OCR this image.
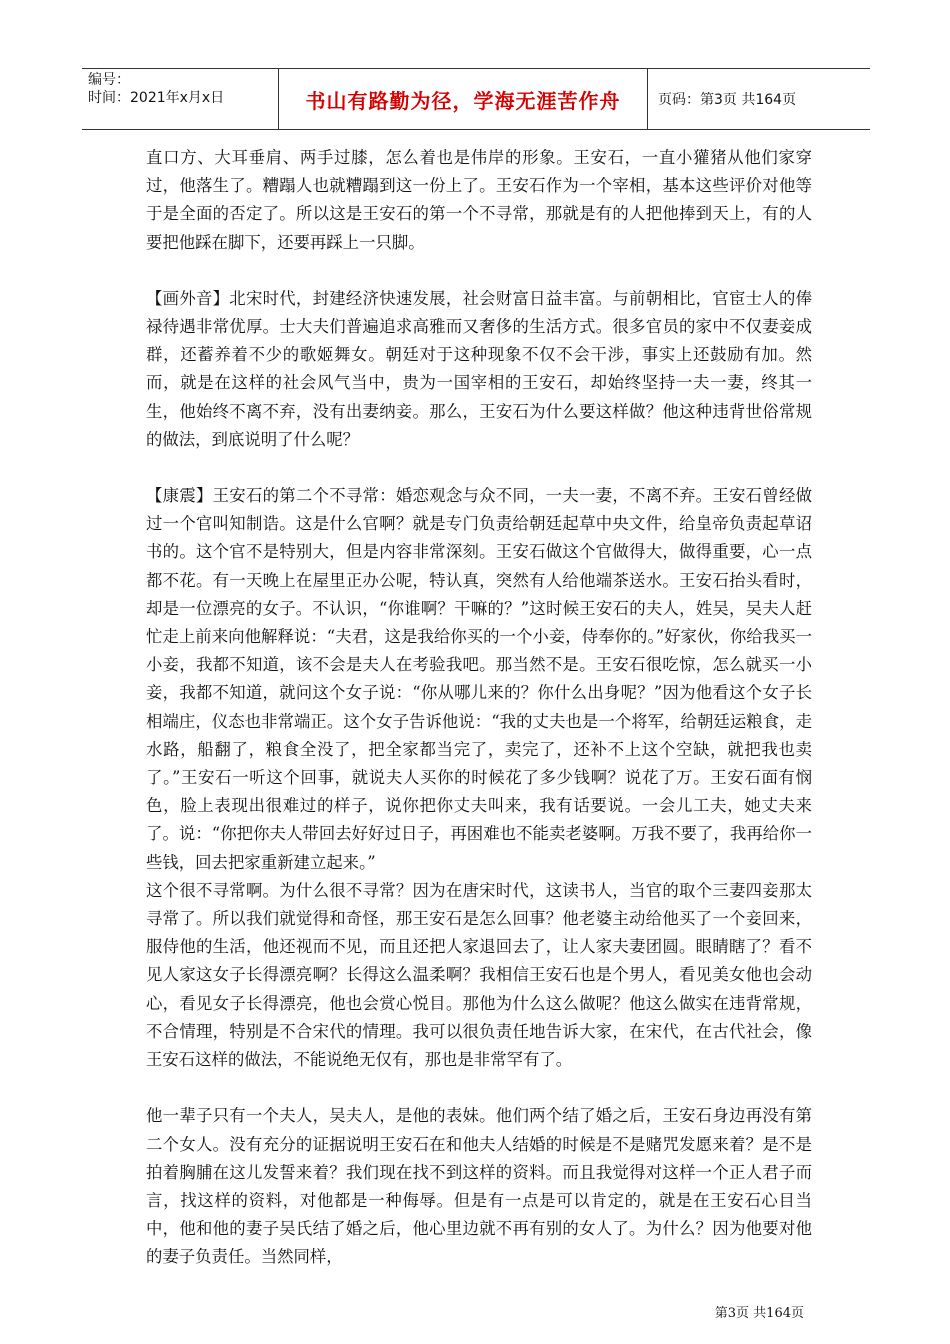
编号：
时间：2021年x月x日	书山有路勤为径，学海无涯苦作舟	页码：第3页 共164页

直口方、大耳垂肩、两手过膝，怎么着也是伟岸的形象。王安石，一直小獾猪从他们家穿过，他落生了。糟蹋人也就糟蹋到这一份上了。王安石作为一个宰相，基本这些评价对他等于是全面的否定了。所以这是王安石的第一个不寻常，那就是有的人把他捧到天上，有的人要把他踩在脚下，还要再踩上一只脚。

【画外音】北宋时代，封建经济快速发展，社会财富日益丰富。与前朝相比，官宦士人的俸禄待遇非常优厚。士大夫们普遍追求高雅而又奢侈的生活方式。很多官员的家中不仅妻妾成群，还蓄养着不少的歌姬舞女。朝廷对于这种现象不仅不会干涉，事实上还鼓励有加。然而，就是在这样的社会风气当中，贵为一国宰相的王安石，却始终坚持一夫一妻，终其一生，他始终不离不弃，没有出妻纳妾。那么，王安石为什么要这样做？他这种违背世俗常规的做法，到底说明了什么呢？

【康震】王安石的第二个不寻常：婚恋观念与众不同，一夫一妻，不离不弃。王安石曾经做过一个官叫知制诰。这是什么官啊？就是专门负责给朝廷起草中央文件，给皇帝负责起草诏书的。这个官不是特别大，但是内容非常深刻。王安石做这个官做得大，做得重要，心一点都不花。有一天晚上在屋里正办公呢，特认真，突然有人给他端茶送水。王安石抬头看时，却是一位漂亮的女子。不认识，“你谁啊？干嘛的？”这时候王安石的夫人，姓吴，吴夫人赶忙走上前来向他解释说：“夫君，这是我给你买的一个小妾，侍奉你的。”好家伙，你给我买一小妾，我都不知道，该不会是夫人在考验我吧。那当然不是。王安石很吃惊，怎么就买一小妾，我都不知道，就问这个女子说：“你从哪儿来的？你什么出身呢？”因为他看这个女子长相端庄，仪态也非常端正。这个女子告诉他说：“我的丈夫也是一个将军，给朝廷运粮食，走水路，船翻了，粮食全没了，把全家都当完了，卖完了，还补不上这个空缺，就把我也卖了。”王安石一听这个回事，就说夫人买你的时候花了多少钱啊？说花了万。王安石面有悯色，脸上表现出很难过的样子，说你把你丈夫叫来，我有话要说。一会儿工夫，她丈夫来了。说：“你把你夫人带回去好好过日子，再困难也不能卖老婆啊。万我不要了，我再给你一些钱，回去把家重新建立起来。”

这个很不寻常啊。为什么很不寻常？因为在唐宋时代，这读书人，当官的取个三妻四妾那太寻常了。所以我们就觉得和奇怪，那王安石是怎么回事？他老婆主动给他买了一个妾回来，服侍他的生活，他还视而不见，而且还把人家退回去了，让人家夫妻团圆。眼睛瞎了？看不见人家这女子长得漂亮啊？长得这么温柔啊？我相信王安石也是个男人，看见美女他也会动心，看见女子长得漂亮，他也会赏心悦目。那他为什么这么做呢？他这么做实在违背常规，不合情理，特别是不合宋代的情理。我可以很负责任地告诉大家，在宋代，在古代社会，像王安石这样的做法，不能说绝无仅有，那也是非常罕有了。

他一辈子只有一个夫人，吴夫人，是他的表妹。他们两个结了婚之后，王安石身边再没有第二个女人。没有充分的证据说明王安石在和他夫人结婚的时候是不是赌咒发愿来着？是不是拍着胸脯在这儿发誓来着？我们现在找不到这样的资料。而且我觉得对这样一个正人君子而言，找这样的资料，对他都是一种侮辱。但是有一点是可以肯定的，就是在王安石心目当中，他和他的妻子吴氏结了婚之后，他心里边就不再有别的女人了。为什么？因为他要对他的妻子负责任。当然同样，

第3页 共164页
